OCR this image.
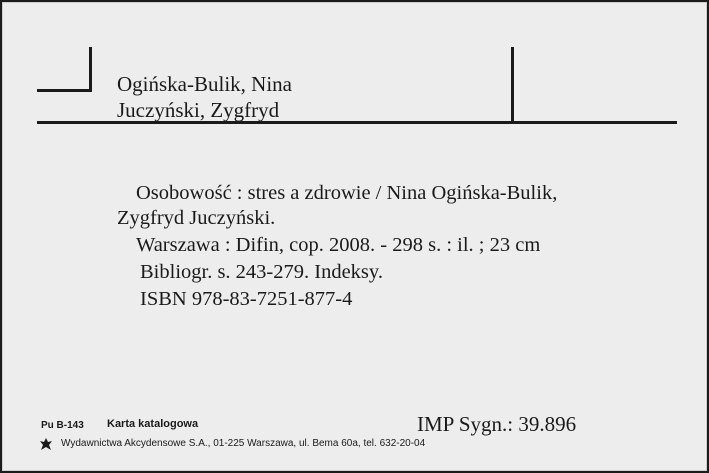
Ogińska-Bulik, Nina
Juczyński, Zygfryd
Osobowość : stres a zdrowie / Nina Ogińska-Bulik,
Zygfryd Juczyński.
Warszawa : Difin, cop. 2008. - 298 s. : il. ; 23 cm
Bibliogr. s. 243-279. Indeksy.
ISBN 978-83-7251-877-4
Pu B-143 Karta katalogowa	IMP Sygn.: 39.896
Wydawnictwa Akcydensowe S.A., 01-225 Warszawa, ul. Bema 60a, tel. 632-20-04
